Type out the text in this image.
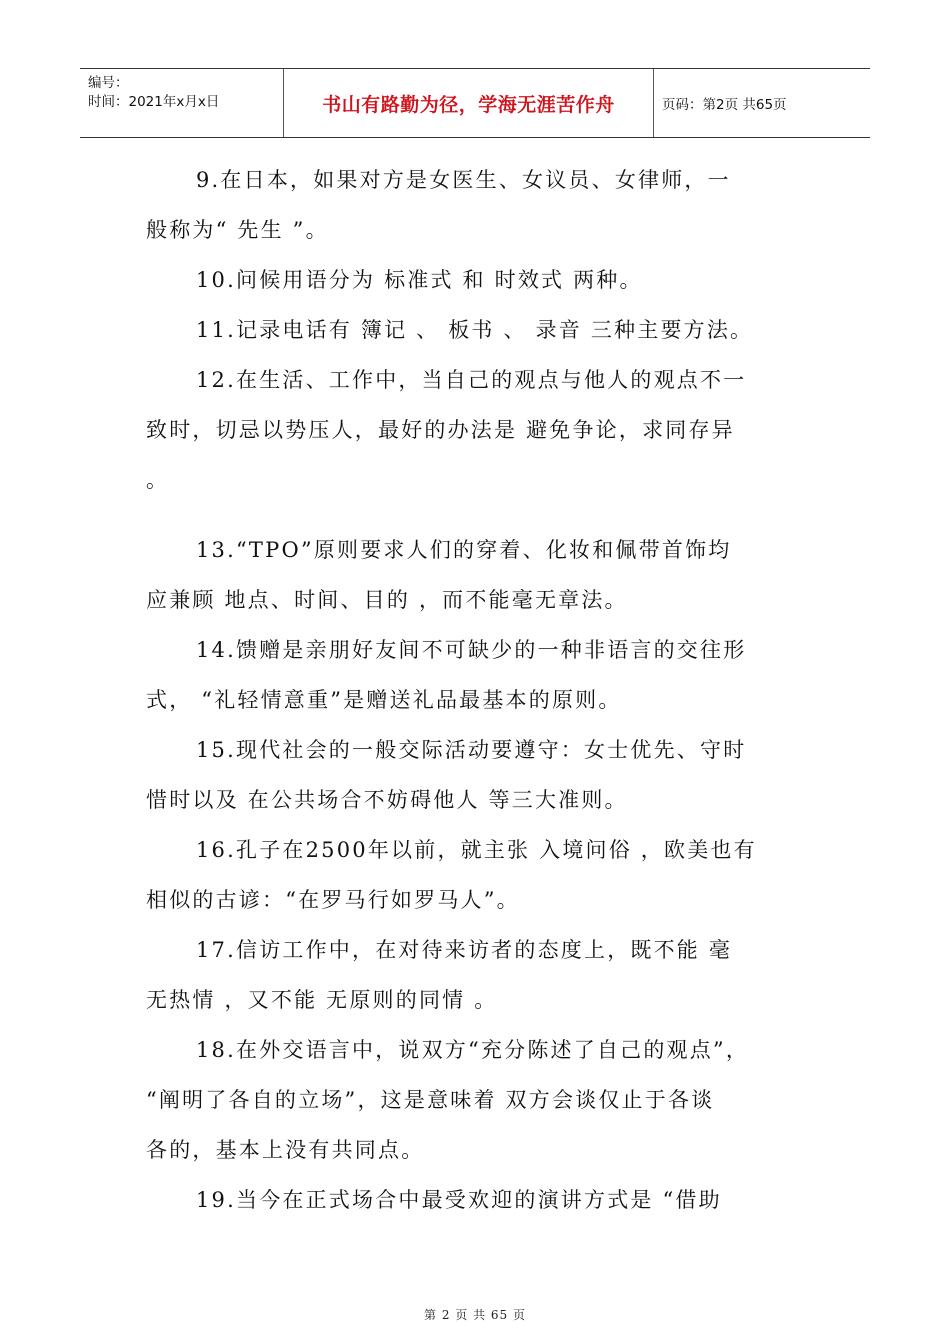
编号：
时间：2021年x月x日	书山有路勤为径，学海无涯苦作舟	页码：第2页 共65页
9.在日本，如果对方是女医生、女议员、女律师，一
般称为“ 先生 ”。
10.问候用语分为 标准式 和 时效式 两种。
11.记录电话有 簿记 、 板书 、 录音 三种主要方法。
12.在生活、工作中，当自己的观点与他人的观点不一
致时，切忌以势压人，最好的办法是 避免争论，求同存异
。
13.“TPO”原则要求人们的穿着、化妆和佩带首饰均
应兼顾 地点、时间、目的 ，而不能毫无章法。
14.馈赠是亲朋好友间不可缺少的一种非语言的交往形
式， “礼轻情意重”是赠送礼品最基本的原则。
15.现代社会的一般交际活动要遵守：女士优先、守时
惜时以及 在公共场合不妨碍他人 等三大准则。
16.孔子在2500年以前，就主张 入境问俗 ，欧美也有
相似的古谚：“在罗马行如罗马人”。
17.信访工作中，在对待来访者的态度上，既不能 毫
无热情 ，又不能 无原则的同情 。
18.在外交语言中，说双方“充分陈述了自己的观点”，
“阐明了各自的立场”，这是意味着 双方会谈仅止于各谈
各的，基本上没有共同点。
19.当今在正式场合中最受欢迎的演讲方式是 “借助
第 2 页 共 65 页
